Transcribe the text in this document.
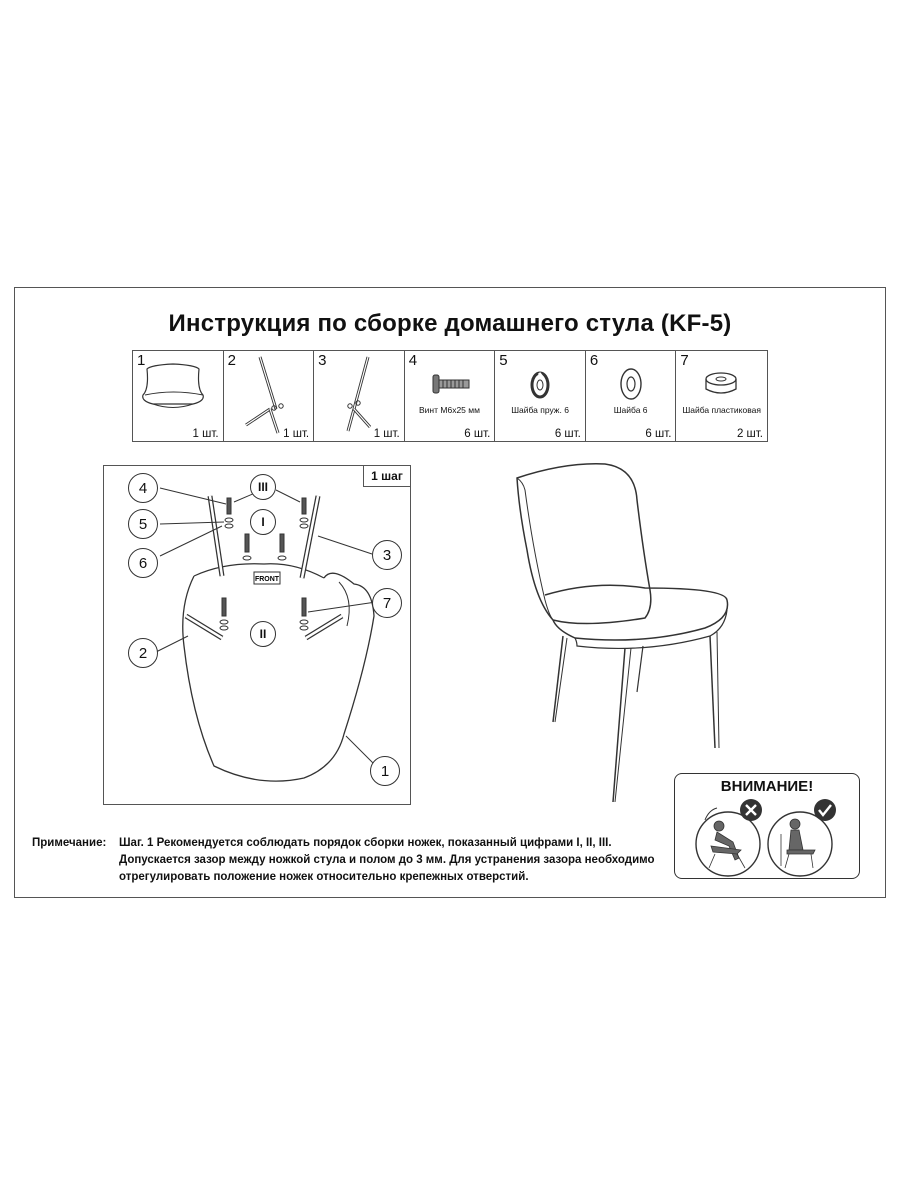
Инструкция по сборке домашнего стула (KF-5)
1
1 шт.
2
1 шт.
3
1 шт.
4
Винт М6х25 мм
6 шт.
5
Шайба пруж. 6
6 шт.
6
Шайба 6
6 шт.
7
Шайба пластиковая
2 шт.
1 шаг
FRONT
4
5
6	3
2
7
1
III
I
II
Примечание: Шаг. 1 Рекомендуется соблюдать порядок сборки ножек, показанный цифрами I, II, III. Допускается зазор между ножкой стула и полом до 3 мм. Для устранения зазора необходимо отрегулировать положение ножек относительно крепежных отверстий.
ВНИМАНИЕ!
